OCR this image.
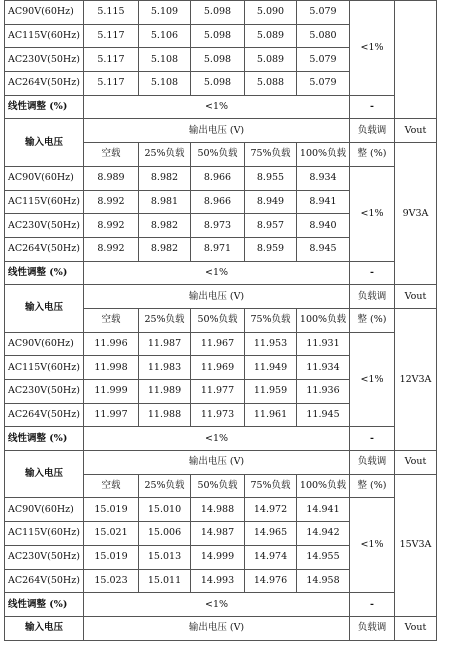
AC90V(60Hz)	5.115	5.109	5.098	5.090	5.079	<1%	
AC115V(60Hz)	5.117	5.106	5.098	5.089	5.080		
AC230V(50Hz)	5.117	5.108	5.098	5.089	5.079		
AC264V(50Hz)	5.117	5.108	5.098	5.088	5.079		
线性调整 (%)	<1%					-	
输入电压	输出电压 (V)					负载调	Vout
	空载	25%负载	50%负载	75%负载	100%负载	整 (%)	9V3A
AC90V(60Hz)	8.989	8.982	8.966	8.955	8.934	<1%	
AC115V(60Hz)	8.992	8.981	8.966	8.949	8.941		
AC230V(50Hz)	8.992	8.982	8.973	8.957	8.940		
AC264V(50Hz)	8.992	8.982	8.971	8.959	8.945		
线性调整 (%)	<1%					-	
输入电压	输出电压 (V)					负载调	Vout
	空载	25%负载	50%负载	75%负载	100%负载	整 (%)	12V3A
AC90V(60Hz)	11.996	11.987	11.967	11.953	11.931	<1%	
AC115V(60Hz)	11.998	11.983	11.969	11.949	11.934		
AC230V(50Hz)	11.999	11.989	11.977	11.959	11.936		
AC264V(50Hz)	11.997	11.988	11.973	11.961	11.945		
线性调整 (%)	<1%					-	
输入电压	输出电压 (V)					负载调	Vout
	空载	25%负载	50%负载	75%负载	100%负载	整 (%)	15V3A
AC90V(60Hz)	15.019	15.010	14.988	14.972	14.941	<1%	
AC115V(60Hz)	15.021	15.006	14.987	14.965	14.942		
AC230V(50Hz)	15.019	15.013	14.999	14.974	14.955		
AC264V(50Hz)	15.023	15.011	14.993	14.976	14.958		
线性调整 (%)	<1%					-	
输入电压	输出电压 (V)					负载调	Vout
